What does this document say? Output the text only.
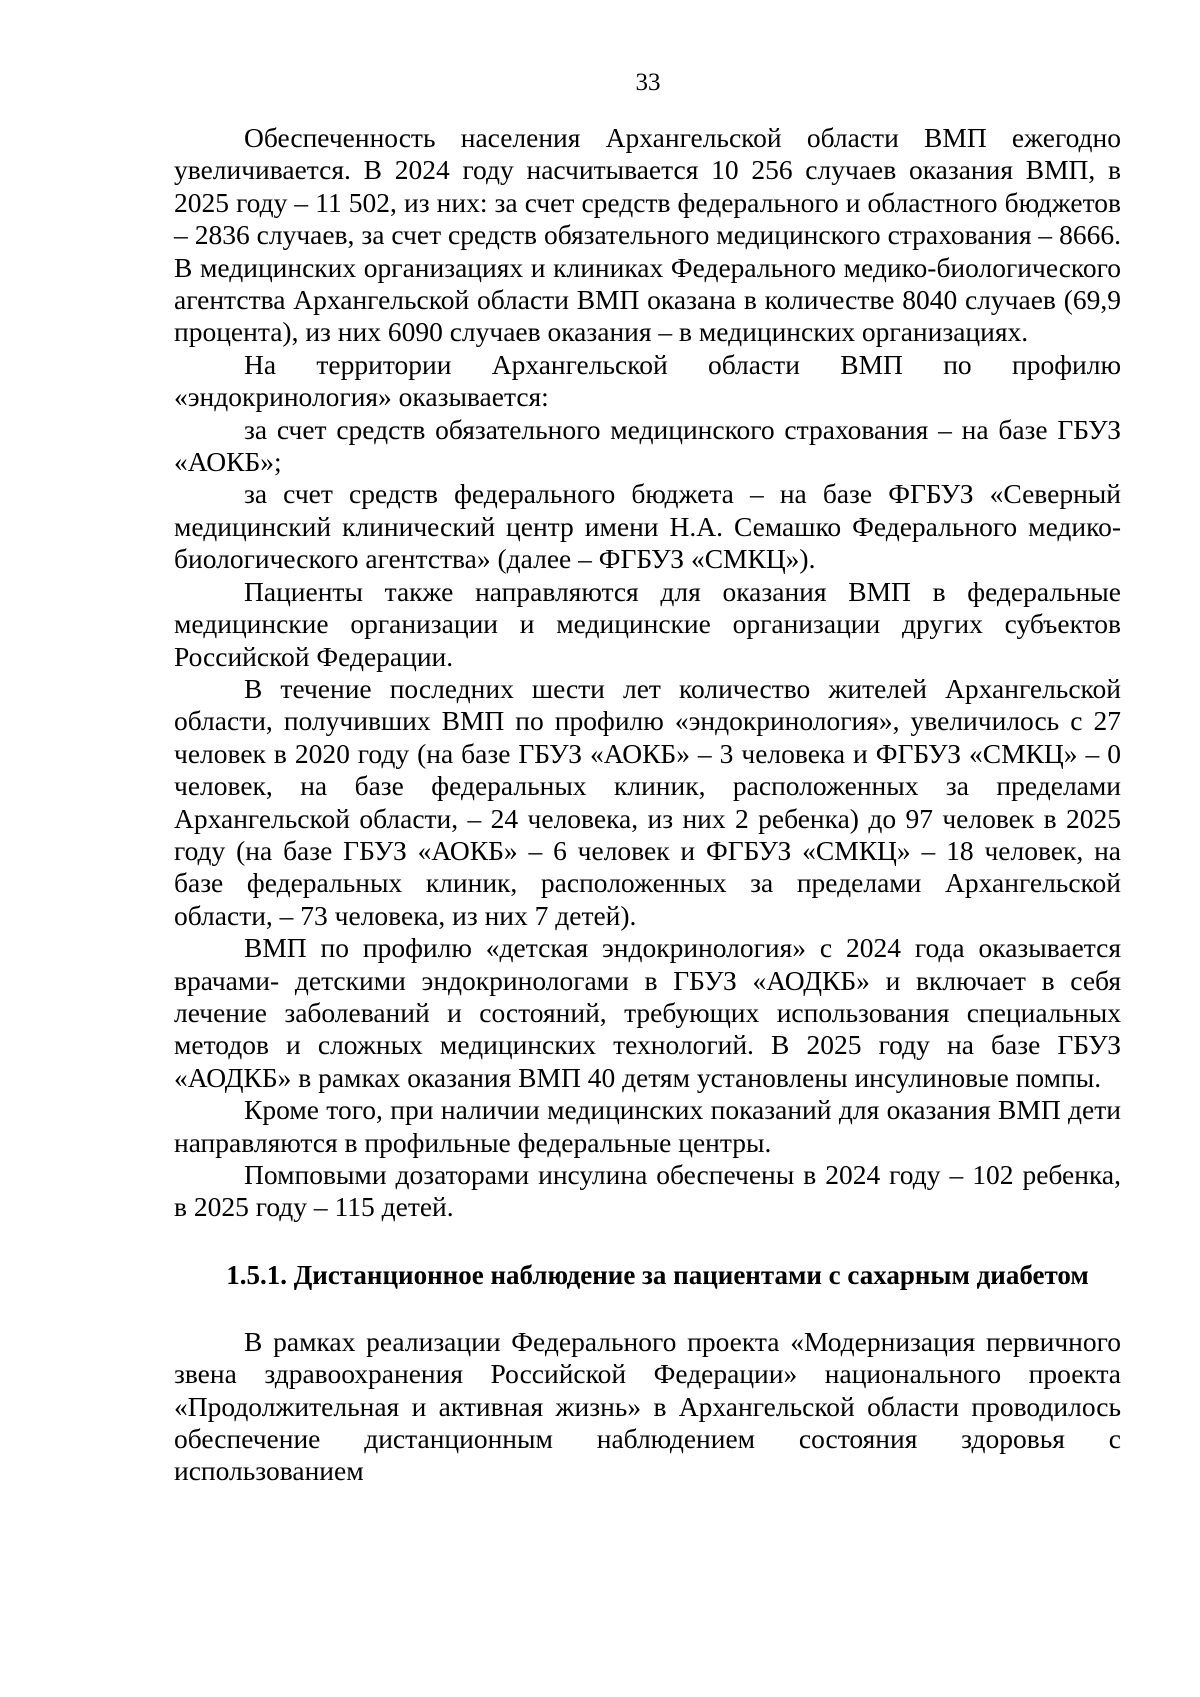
33

Обеспеченность населения Архангельской области ВМП ежегодно увеличивается. В 2024 году насчитывается 10 256 случаев оказания ВМП, в 2025 году – 11 502, из них: за счет средств федерального и областного бюджетов – 2836 случаев, за счет средств обязательного медицинского страхования – 8666. В медицинских организациях и клиниках Федерального медико-биологического агентства Архангельской области ВМП оказана в количестве 8040 случаев (69,9 процента), из них 6090 случаев оказания – в медицинских организациях.

На территории Архангельской области ВМП по профилю «эндокринология» оказывается:

за счет средств обязательного медицинского страхования – на базе ГБУЗ «АОКБ»;

за счет средств федерального бюджета – на базе ФГБУЗ «Северный медицинский клинический центр имени Н.А. Семашко Федерального медико-биологического агентства» (далее – ФГБУЗ «СМКЦ»).

Пациенты также направляются для оказания ВМП в федеральные медицинские организации и медицинские организации других субъектов Российской Федерации.

В течение последних шести лет количество жителей Архангельской области, получивших ВМП по профилю «эндокринология», увеличилось с 27 человек в 2020 году (на базе ГБУЗ «АОКБ» – 3 человека и ФГБУЗ «СМКЦ» – 0 человек, на базе федеральных клиник, расположенных за пределами Архангельской области, – 24 человека, из них 2 ребенка) до 97 человек в 2025 году (на базе ГБУЗ «АОКБ» – 6 человек и ФГБУЗ «СМКЦ» – 18 человек, на базе федеральных клиник, расположенных за пределами Архангельской области, – 73 человека, из них 7 детей).

ВМП по профилю «детская эндокринология» с 2024 года оказывается врачами- детскими эндокринологами в ГБУЗ «АОДКБ» и включает в себя лечение заболеваний и состояний, требующих использования специальных методов и сложных медицинских технологий. В 2025 году на базе ГБУЗ «АОДКБ» в рамках оказания ВМП 40 детям установлены инсулиновые помпы.

Кроме того, при наличии медицинских показаний для оказания ВМП дети направляются в профильные федеральные центры.

Помповыми дозаторами инсулина обеспечены в 2024 году – 102 ребенка, в 2025 году – 115 детей.

1.5.1. Дистанционное наблюдение за пациентами с сахарным диабетом

В рамках реализации Федерального проекта «Модернизация первичного звена здравоохранения Российской Федерации» национального проекта «Продолжительная и активная жизнь» в Архангельской области проводилось обеспечение дистанционным наблюдением состояния здоровья с использованием
